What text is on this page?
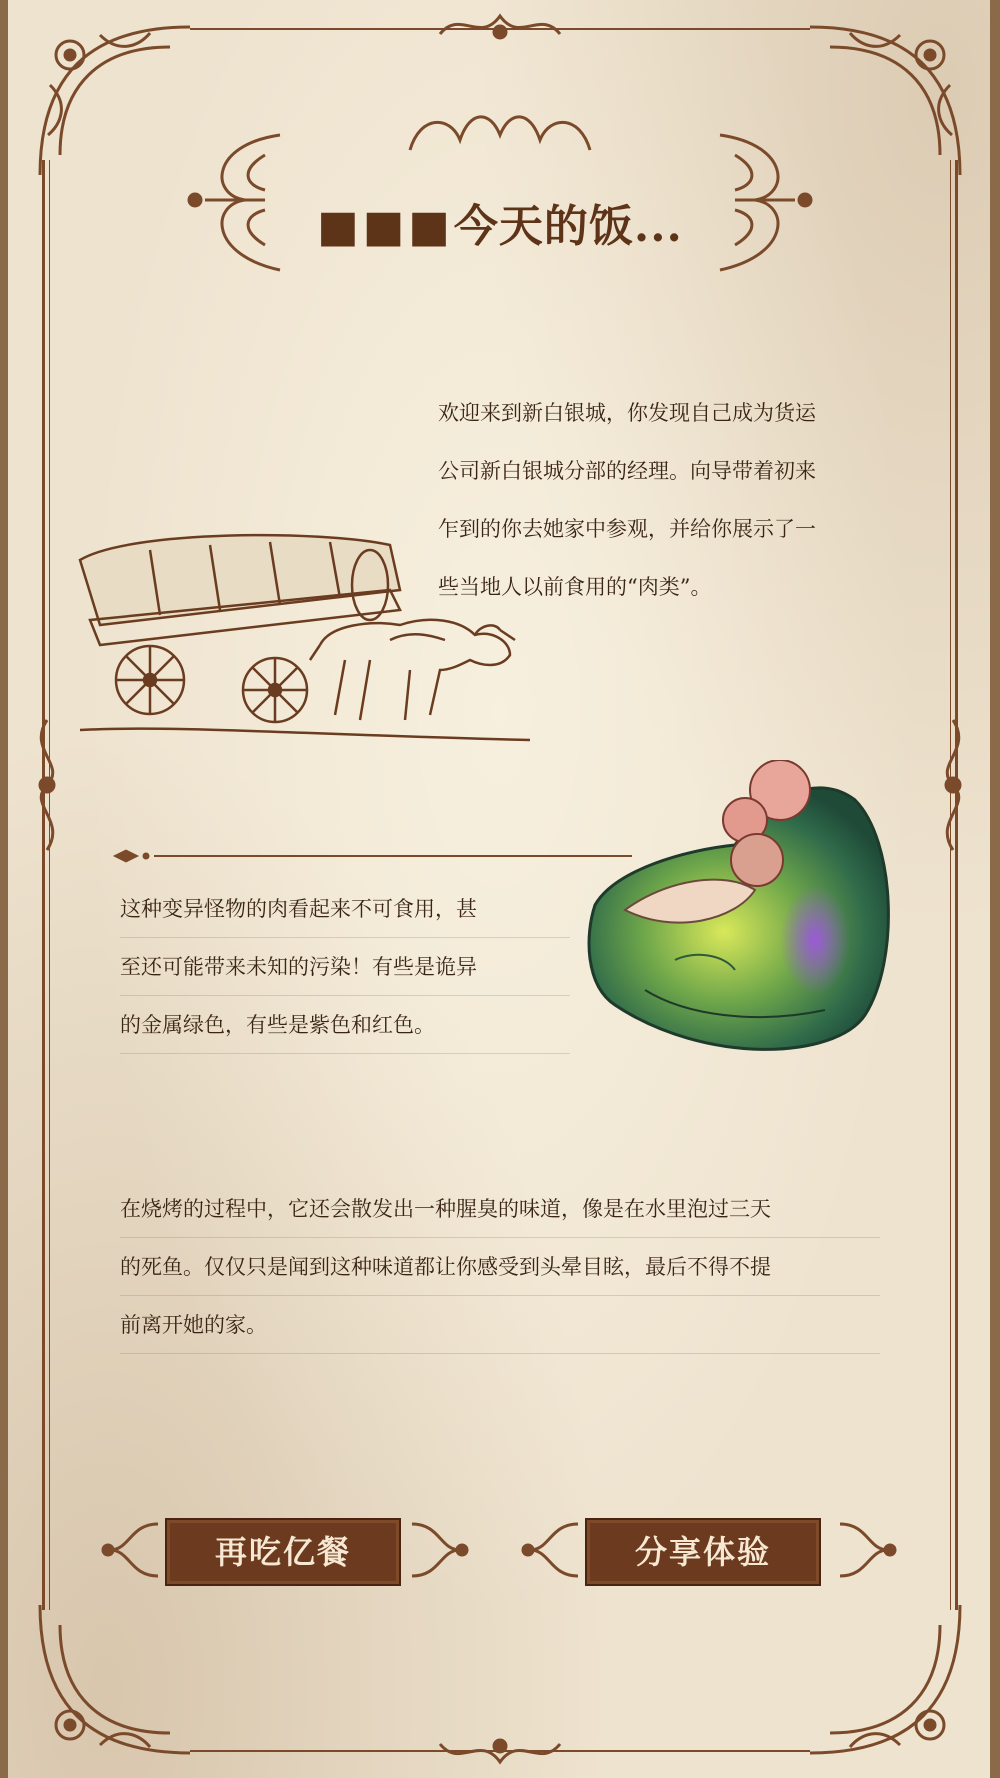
■■■今天的饭...
欢迎来到新白银城，你发现自己成为货运
公司新白银城分部的经理。向导带着初来
乍到的你去她家中参观，并给你展示了一
些当地人以前食用的“肉类”。
这种变异怪物的肉看起来不可食用，甚
至还可能带来未知的污染！有些是诡异
的金属绿色，有些是紫色和红色。
在烧烤的过程中，它还会散发出一种腥臭的味道，像是在水里泡过三天
的死鱼。仅仅只是闻到这种味道都让你感受到头晕目眩，最后不得不提
前离开她的家。
再吃亿餐	分享体验
